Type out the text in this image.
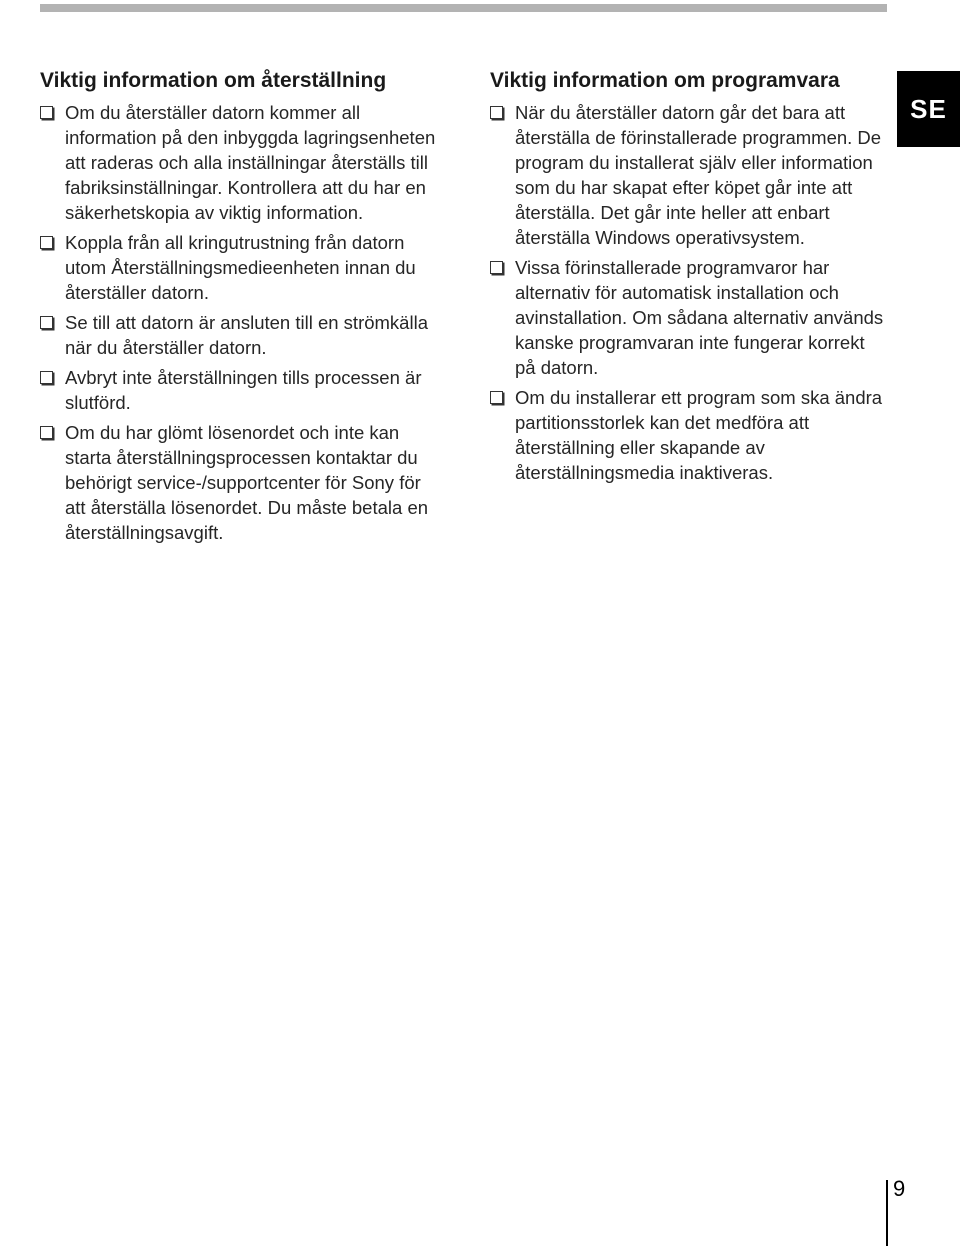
SE
Viktig information om återställning
Om du återställer datorn kommer all information på den inbyggda lagringsenheten att raderas och alla inställningar återställs till fabriksinställningar. Kontrollera att du har en säkerhetskopia av viktig information.
Koppla från all kringutrustning från datorn utom Återställningsmedieenheten innan du återställer datorn.
Se till att datorn är ansluten till en strömkälla när du återställer datorn.
Avbryt inte återställningen tills processen är slutförd.
Om du har glömt lösenordet och inte kan starta återställningsprocessen kontaktar du behörigt service-/supportcenter för Sony för att återställa lösenordet. Du måste betala en återställningsavgift.
Viktig information om programvara
När du återställer datorn går det bara att återställa de förinstallerade programmen. De program du installerat själv eller information som du har skapat efter köpet går inte att återställa. Det går inte heller att enbart återställa Windows operativsystem.
Vissa förinstallerade programvaror har alternativ för automatisk installation och avinstallation. Om sådana alternativ används kanske programvaran inte fungerar korrekt på datorn.
Om du installerar ett program som ska ändra partitionsstorlek kan det medföra att återställning eller skapande av återställningsmedia inaktiveras.
9
